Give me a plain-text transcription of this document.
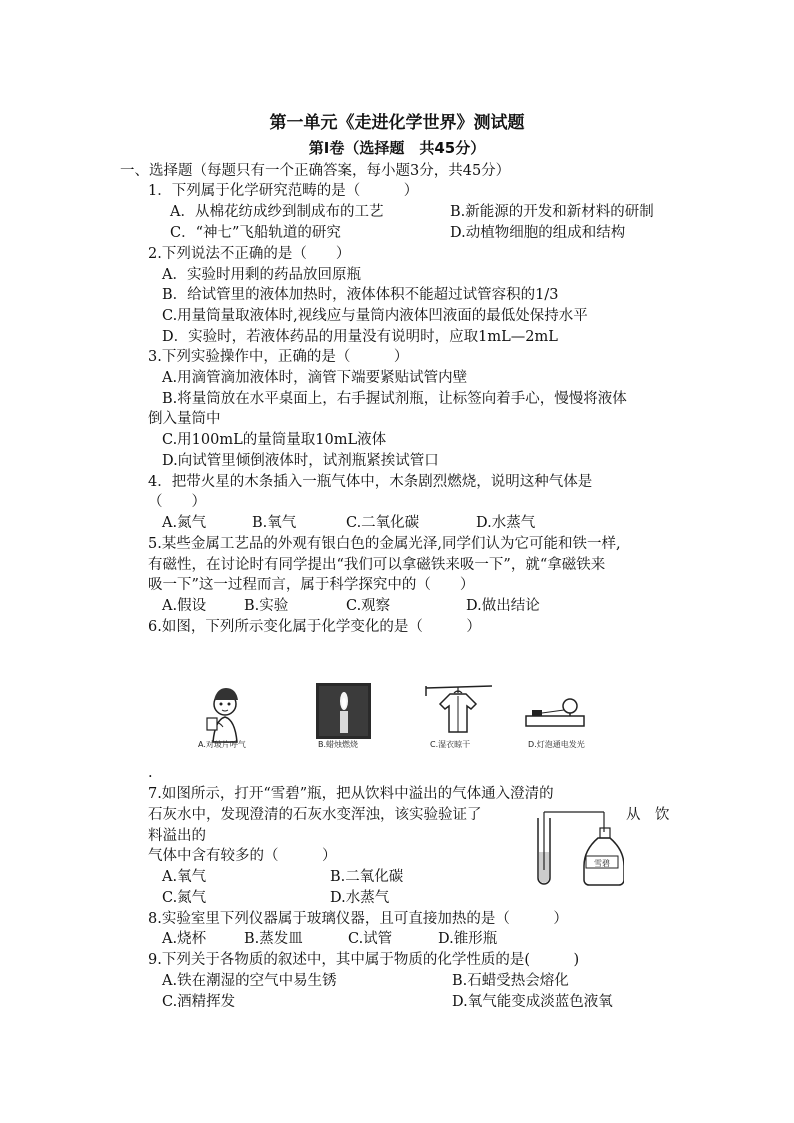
第一单元《走进化学世界》测试题
第Ⅰ卷（选择题　共45分）
一、选择题（每题只有一个正确答案，每小题3分，共45分）
1．下列属于化学研究范畴的是（　　　）
A．从棉花纺成纱到制成布的工艺	B.新能源的开发和新材料的研制
C．“神七”飞船轨道的研究	D.动植物细胞的组成和结构
2.下列说法不正确的是（　　）
A．实验时用剩的药品放回原瓶
B．给试管里的液体加热时，液体体积不能超过试管容积的1/3
C.用量筒量取液体时,视线应与量筒内液体凹液面的最低处保持水平
D．实验时，若液体药品的用量没有说明时，应取1mL—2mL
3.下列实验操作中，正确的是（　　　）
A.用滴管滴加液体时，滴管下端要紧贴试管内壁
B.将量筒放在水平桌面上，右手握试剂瓶，让标签向着手心，慢慢将液体
倒入量筒中
C.用100mL的量筒量取10mL液体
D.向试管里倾倒液体时，试剂瓶紧挨试管口
4．把带火星的木条插入一瓶气体中，木条剧烈燃烧，说明这种气体是
（　　）
A.氮气	B.氧气	C.二氧化碳	D.水蒸气
5.某些金属工艺品的外观有银白色的金属光泽,同学们认为它可能和铁一样,
有磁性，在讨论时有同学提出“我们可以拿磁铁来吸一下”，就“拿磁铁来
吸一下”这一过程而言，属于科学探究中的（　　）
A.假设	B.实验	C.观察	D.做出结论
6.如图，下列所示变化属于化学变化的是（　　　）
A.对玻片呼气	B.蜡烛燃烧	C.湿衣晾干	D.灯泡通电发光
.
7.如图所示，打开“雪碧”瓶，把从饮料中溢出的气体通入澄清的
石灰水中，发现澄清的石灰水变浑浊，该实验验证了	从　饮
料溢出的
气体中含有较多的（　　　）
A.氧气	B.二氧化碳
C.氮气	D.水蒸气
雪碧
8.实验室里下列仪器属于玻璃仪器，且可直接加热的是（　　　）
A.烧杯	B.蒸发皿	C.试管	D.锥形瓶
9.下列关于各物质的叙述中，其中属于物质的化学性质的是(　　　)
A.铁在潮湿的空气中易生锈	B.石蜡受热会熔化
C.酒精挥发	D.氧气能变成淡蓝色液氧
